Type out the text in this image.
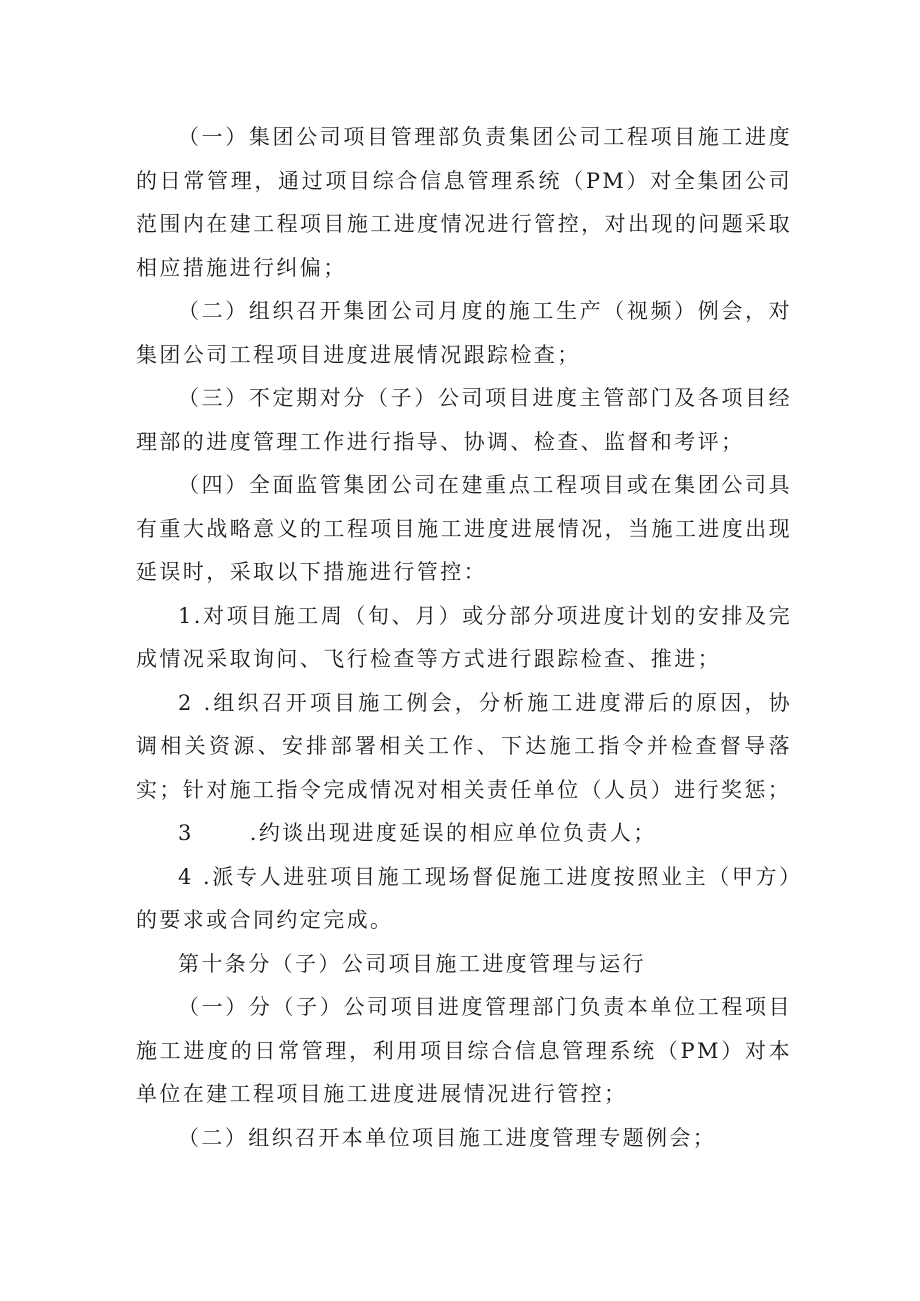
（一）集团公司项目管理部负责集团公司工程项目施工进度的日常管理，通过项目综合信息管理系统（PM）对全集团公司范围内在建工程项目施工进度情况进行管控，对出现的问题采取相应措施进行纠偏；

（二）组织召开集团公司月度的施工生产（视频）例会，对集团公司工程项目进度进展情况跟踪检查；

（三）不定期对分（子）公司项目进度主管部门及各项目经理部的进度管理工作进行指导、协调、检查、监督和考评；

（四）全面监管集团公司在建重点工程项目或在集团公司具有重大战略意义的工程项目施工进度进展情况，当施工进度出现延误时，采取以下措施进行管控：

1.对项目施工周（旬、月）或分部分项进度计划的安排及完成情况采取询问、飞行检查等方式进行跟踪检查、推进；

2 .组织召开项目施工例会，分析施工进度滞后的原因，协调相关资源、安排部署相关工作、下达施工指令并检查督导落实；针对施工指令完成情况对相关责任单位（人员）进行奖惩；

3	.约谈出现进度延误的相应单位负责人；

4 .派专人进驻项目施工现场督促施工进度按照业主（甲方）的要求或合同约定完成。

第十条分（子）公司项目施工进度管理与运行

（一）分（子）公司项目进度管理部门负责本单位工程项目施工进度的日常管理，利用项目综合信息管理系统（PM）对本单位在建工程项目施工进度进展情况进行管控；

（二）组织召开本单位项目施工进度管理专题例会；
